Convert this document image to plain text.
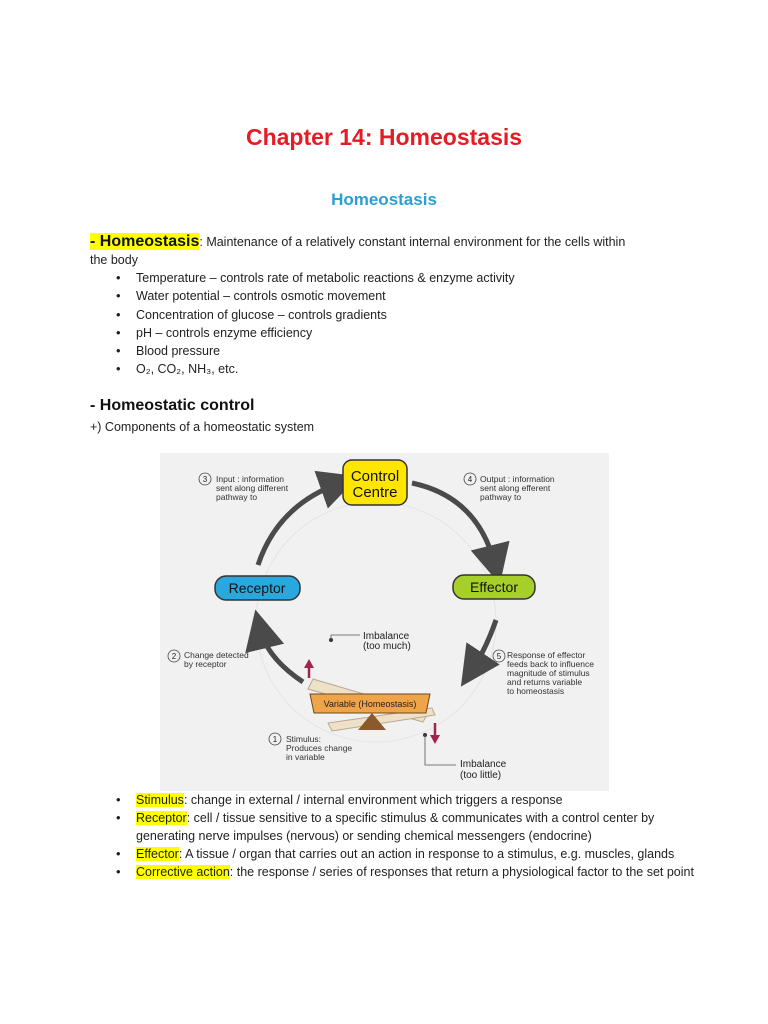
Chapter 14: Homeostasis
Homeostasis
- Homeostasis: Maintenance of a relatively constant internal environment for the cells within
the body
• Temperature – controls rate of metabolic reactions & enzyme activity
• Water potential – controls osmotic movement
• Concentration of glucose – controls gradients
• pH – controls enzyme efficiency
• Blood pressure
• O₂, CO₂, NH₃, etc.
- Homeostatic control
+) Components of a homeostatic system
Control
Centre
Receptor	Effector
Variable (Homeostasis)
Imbalance
(too much)
Imbalance
(too little)
3 Input : information
sent along different
pathway to
4 Output : information
sent along efferent
pathway to
2 Change detected
by receptor
5 Response of effector
feeds back to influence
magnitude of stimulus
and returns variable
to homeostasis
1 Stimulus:
Produces change
in variable
• Stimulus: change in external / internal environment which triggers a response
• Receptor: cell / tissue sensitive to a specific stimulus & communicates with a control center by generating nerve impulses (nervous) or sending chemical messengers (endocrine)
• Effector: A tissue / organ that carries out an action in response to a stimulus, e.g. muscles, glands
• Corrective action: the response / series of responses that return a physiological factor to the set point
